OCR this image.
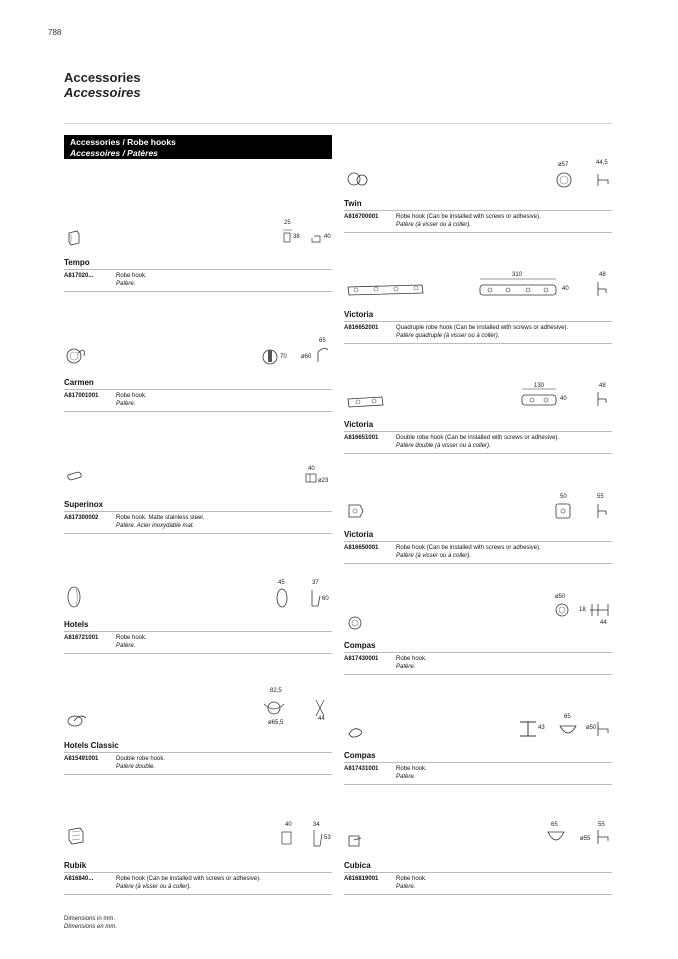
788
Accessories
Accessoires
Accessories / Robe hooks
Accessoires / Patères
25
38	40
Tempo
A817020...	Robe hook.
Patère.
65
70 ø60
Carmen
A817001001	Robe hook.
Patère.
40
ø23
Superinox
A817300002	Robe hook. Matte stainless steel.
Patère. Acier inoxydable mat.
45	37
60
Hotels
A816721001	Robe hook.
Patère.
82,5
ø65,5
44
Hotels Classic
A815491001	Double robe hook.
Patère double.
40	34
53
Rubik
A816840...	Robe hook (Can be installed with screws or adhesive).
Patère (à visser ou à coller).
ø57	44,5
Twin
A816700001	Robe hook (Can be installed with screws or adhesive).
Patère (à visser ou à coller).
310
40
48
Victoria
A816652001	Quadruple robe hook (Can be installed with screws or adhesive).
Patère quadruple (à visser ou à coller).
130
40
48
Victoria
A816651001	Double robe hook (Can be installed with screws or adhesive).
Patère double (à visser ou à coller).
50	55
Victoria
A816650001	Robe hook (Can be installed with screws or adhesive).
Patère (à visser ou à coller).
ø50
18
44
Compas
A817430001	Robe hook.
Patère.
43
65
ø50
Compas
A817431001	Robe hook.
Patère.
65	55
ø55
Cubica
A816819001	Robe hook.
Patère.
Dimensions in mm.
Dimensions en mm.
